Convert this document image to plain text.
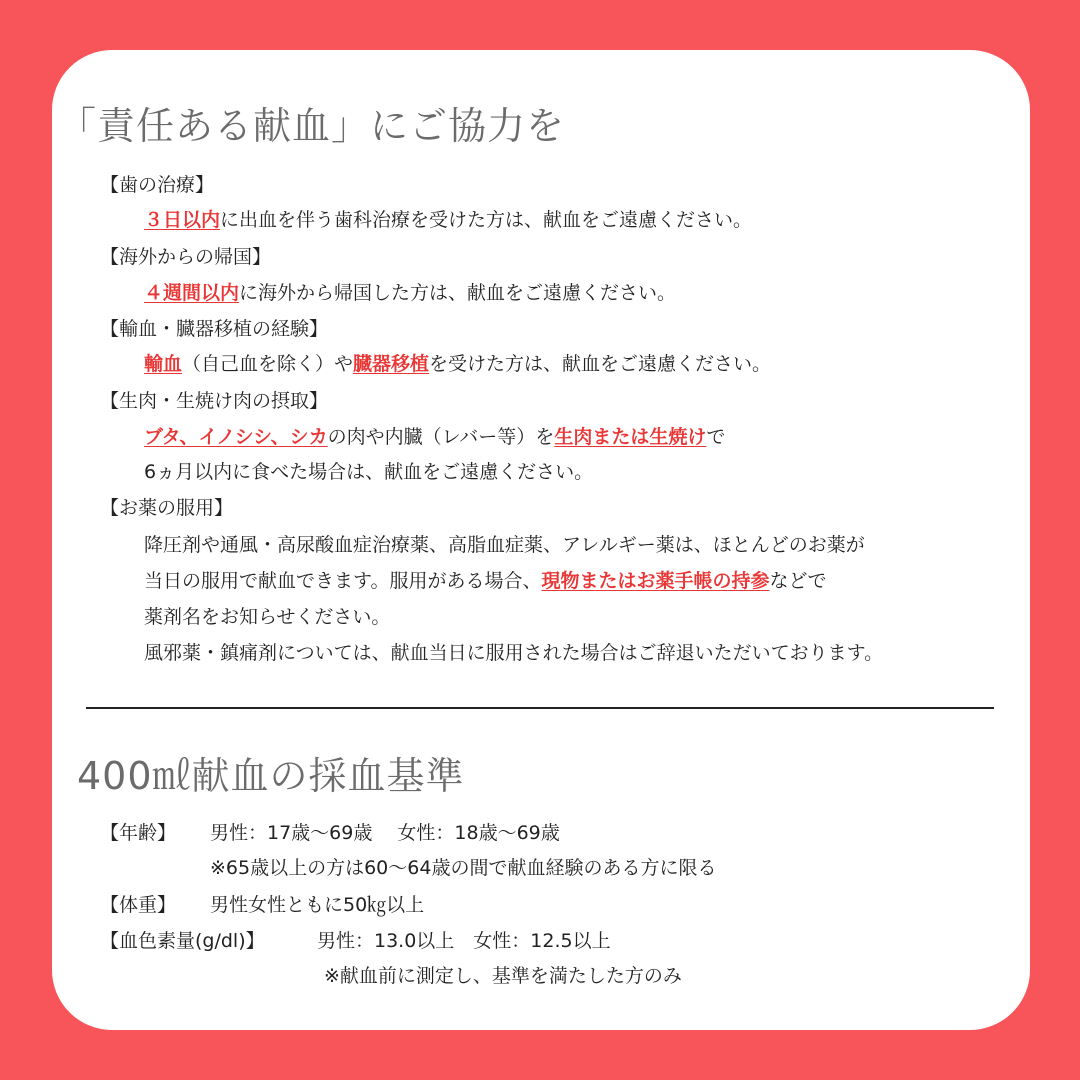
「責任ある献血」にご協力を
【歯の治療】
３日以内に出血を伴う歯科治療を受けた方は、献血をご遠慮ください。
【海外からの帰国】
４週間以内に海外から帰国した方は、献血をご遠慮ください。
【輸血・臓器移植の経験】
輸血（自己血を除く）や臓器移植を受けた方は、献血をご遠慮ください。
【生肉・生焼け肉の摂取】
ブタ、イノシシ、シカの肉や内臓（レバー等）を生肉または生焼けで
6ヵ月以内に食べた場合は、献血をご遠慮ください。
【お薬の服用】
降圧剤や通風・高尿酸血症治療薬、高脂血症薬、アレルギー薬は、ほとんどのお薬が
当日の服用で献血できます。服用がある場合、現物またはお薬手帳の持参などで
薬剤名をお知らせください。
風邪薬・鎮痛剤については、献血当日に服用された場合はご辞退いただいております。
400㎖献血の採血基準
【年齢】 男性：17歳～69歳　 女性：18歳～69歳
※65歳以上の方は60～64歳の間で献血経験のある方に限る
【体重】 男性女性ともに50㎏以上
【血色素量(g/dl)】	男性：13.0以上　女性：12.5以上
※献血前に測定し、基準を満たした方のみ
